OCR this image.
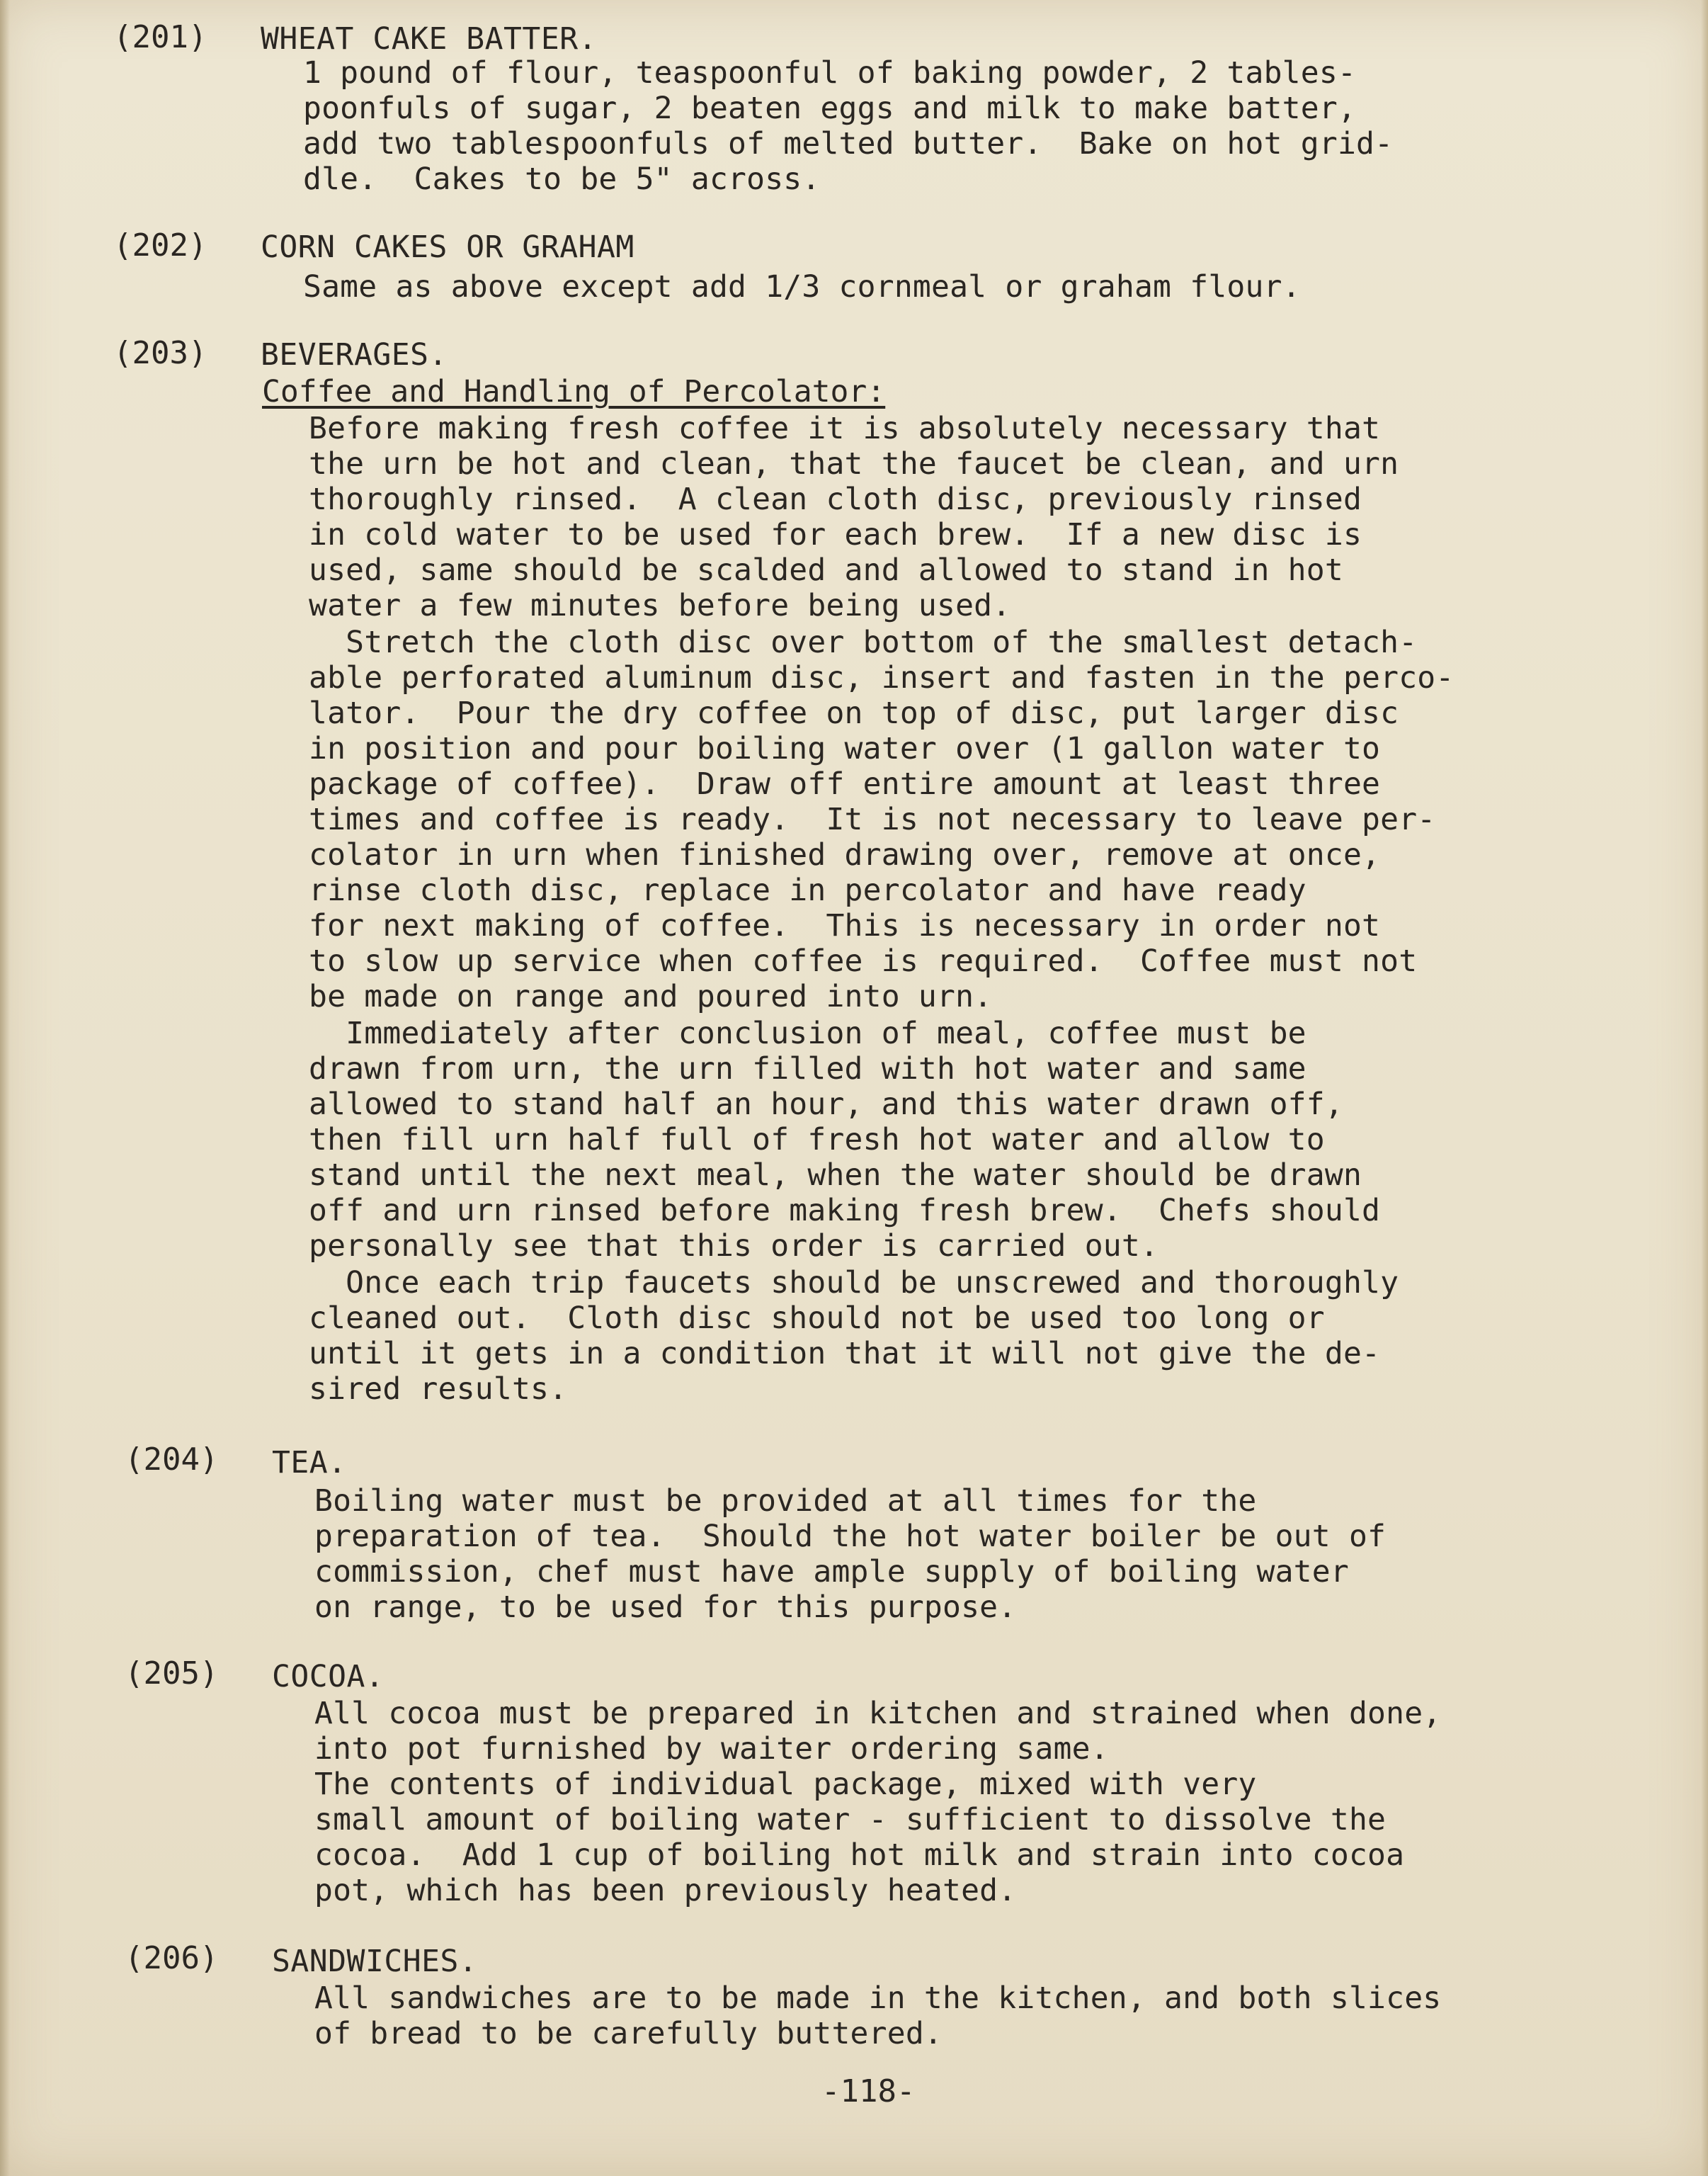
(201) WHEAT CAKE BATTER.
1 pound of flour, teaspoonful of baking powder, 2 tables-
poonfuls of sugar, 2 beaten eggs and milk to make batter,
add two tablespoonfuls of melted butter.  Bake on hot grid-
dle.  Cakes to be 5" across.
(202) CORN CAKES OR GRAHAM
Same as above except add 1/3 cornmeal or graham flour.
(203) BEVERAGES.
Coffee and Handling of Percolator:
Before making fresh coffee it is absolutely necessary that
the urn be hot and clean, that the faucet be clean, and urn
thoroughly rinsed.  A clean cloth disc, previously rinsed
in cold water to be used for each brew.  If a new disc is
used, same should be scalded and allowed to stand in hot
water a few minutes before being used.
Stretch the cloth disc over bottom of the smallest detach-
able perforated aluminum disc, insert and fasten in the perco-
lator.  Pour the dry coffee on top of disc, put larger disc
in position and pour boiling water over (1 gallon water to
package of coffee).  Draw off entire amount at least three
times and coffee is ready.  It is not necessary to leave per-
colator in urn when finished drawing over, remove at once,
rinse cloth disc, replace in percolator and have ready
for next making of coffee.  This is necessary in order not
to slow up service when coffee is required.  Coffee must not
be made on range and poured into urn.
Immediately after conclusion of meal, coffee must be
drawn from urn, the urn filled with hot water and same
allowed to stand half an hour, and this water drawn off,
then fill urn half full of fresh hot water and allow to
stand until the next meal, when the water should be drawn
off and urn rinsed before making fresh brew.  Chefs should
personally see that this order is carried out.
Once each trip faucets should be unscrewed and thoroughly
cleaned out.  Cloth disc should not be used too long or
until it gets in a condition that it will not give the de-
sired results.
(204) TEA.
Boiling water must be provided at all times for the
preparation of tea.  Should the hot water boiler be out of
commission, chef must have ample supply of boiling water
on range, to be used for this purpose.
(205) COCOA.
All cocoa must be prepared in kitchen and strained when done,
into pot furnished by waiter ordering same.
The contents of individual package, mixed with very
small amount of boiling water - sufficient to dissolve the
cocoa.  Add 1 cup of boiling hot milk and strain into cocoa
pot, which has been previously heated.
(206) SANDWICHES.
All sandwiches are to be made in the kitchen, and both slices
of bread to be carefully buttered.
-118-
